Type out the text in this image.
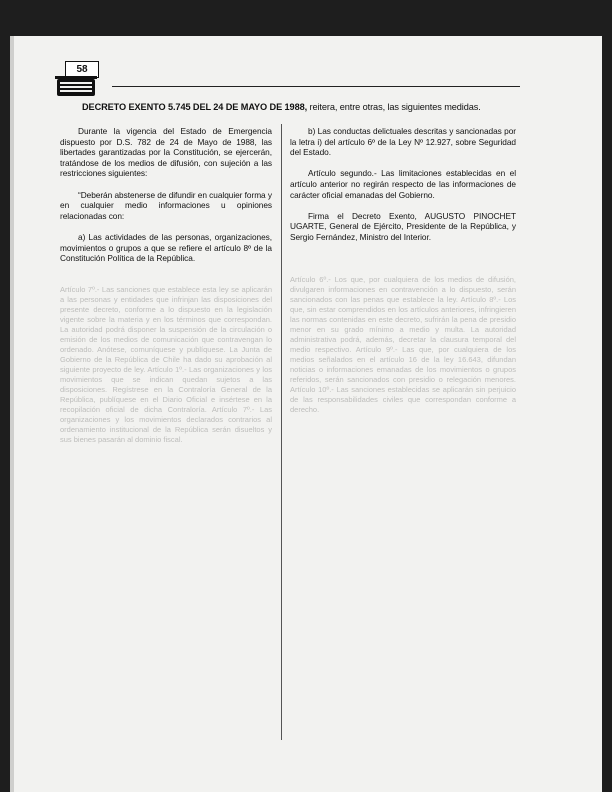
58
DECRETO EXENTO 5.745 DEL 24 DE MAYO DE 1988, reitera, entre otras, las siguientes medidas.
Artículo 7º.- Las sanciones que establece esta ley se aplicarán a las personas y entidades que infrinjan las disposiciones del presente decreto, conforme a lo dispuesto en la legislación vigente sobre la materia y en los términos que correspondan. La autoridad podrá disponer la suspensión de la circulación o emisión de los medios de comunicación que contravengan lo ordenado. Anótese, comuníquese y publíquese. La Junta de Gobierno de la República de Chile ha dado su aprobación al siguiente proyecto de ley. Artículo 1º.- Las organizaciones y los movimientos que se indican quedan sujetos a las disposiciones. Regístrese en la Contraloría General de la República, publíquese en el Diario Oficial e insértese en la recopilación oficial de dicha Contraloría. Artículo 7º.- Las organizaciones y los movimientos declarados contrarios al ordenamiento institucional de la República serán disueltos y sus bienes pasarán al dominio fiscal.
Artículo 6º.- Los que, por cualquiera de los medios de difusión, divulgaren informaciones en contravención a lo dispuesto, serán sancionados con las penas que establece la ley. Artículo 8º.- Los que, sin estar comprendidos en los artículos anteriores, infringieren las normas contenidas en este decreto, sufrirán la pena de presidio menor en su grado mínimo a medio y multa. La autoridad administrativa podrá, además, decretar la clausura temporal del medio respectivo. Artículo 9º.- Las que, por cualquiera de los medios señalados en el artículo 16 de la ley 16.643, difundan noticias o informaciones emanadas de los movimientos o grupos referidos, serán sancionados con presidio o relegación menores. Artículo 10º.- Las sanciones establecidas se aplicarán sin perjuicio de las responsabilidades civiles que correspondan conforme a derecho.

Durante la vigencia del Estado de Emergencia dispuesto por D.S. 782 de 24 de Mayo de 1988, las libertades garantizadas por la Constitución, se ejercerán, tratándose de los medios de difusión, con sujeción a las restricciones siguientes:

“Deberán abstenerse de difundir en cualquier forma y en cualquier medio informaciones u opiniones relacionadas con:

a) Las actividades de las personas, organizaciones, movimientos o grupos a que se refiere el artículo 8º de la Constitución Política de la República.

b) Las conductas delictuales descritas y sancionadas por la letra i) del artículo 6º de la Ley Nº 12.927, sobre Seguridad del Estado.

Artículo segundo.- Las limitaciones establecidas en el artículo anterior no regirán respecto de las informaciones de carácter oficial emanadas del Gobierno.

Firma el Decreto Exento, AUGUSTO PINOCHET UGARTE, General de Ejército, Presidente de la República, y Sergio Fernández, Ministro del Interior.
